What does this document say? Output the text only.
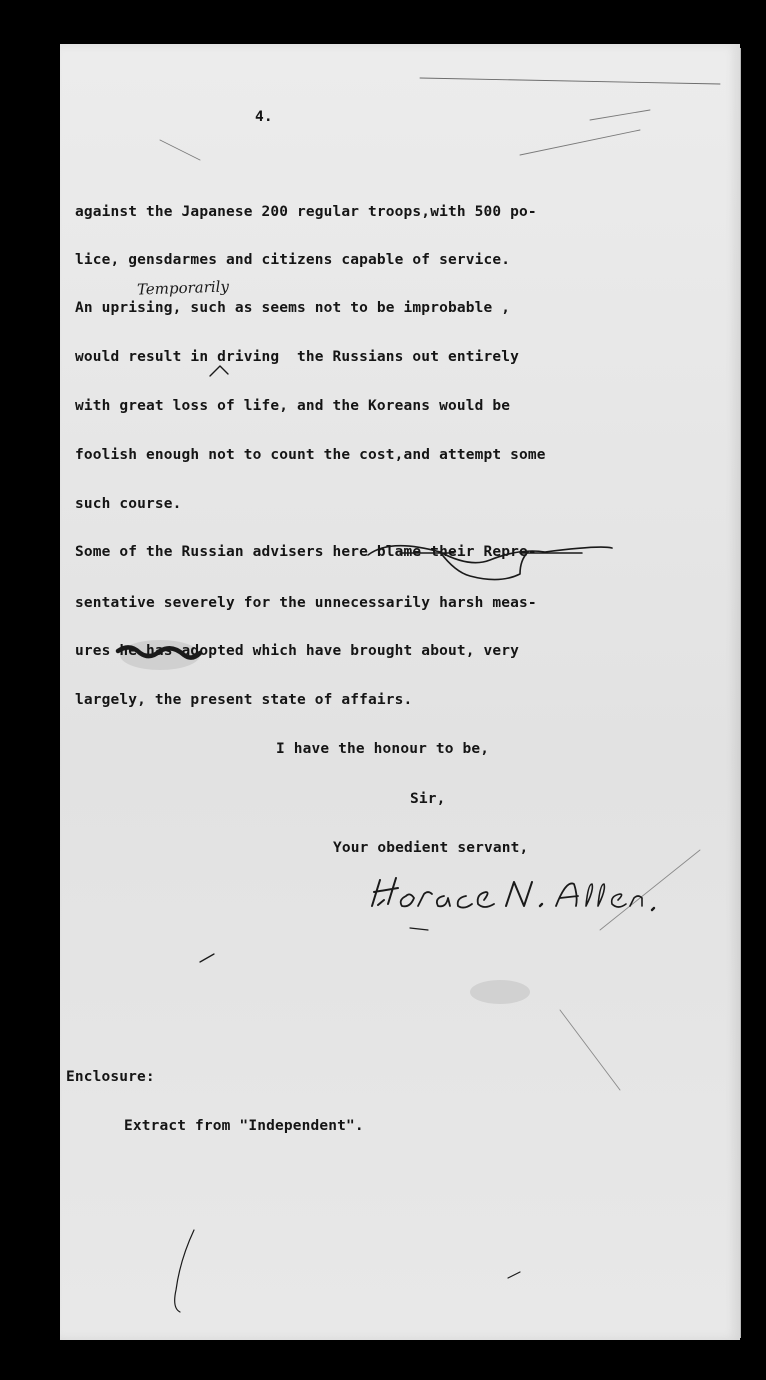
4.
Temporarily
against the Japanese 200 regular troops,with 500 po-
lice, gensdarmes and citizens capable of service.
An uprising, such as seems not to be improbable ,
would result in driving  the Russians out entirely
with great loss of life, and the Koreans would be
foolish enough not to count the cost,and attempt some
such course.
Some of the Russian advisers here blame their Repre-
sentative severely for the unnecessarily harsh meas-
ures he has adopted which have brought about, very
largely, the present state of affairs.
I have the honour to be,
Sir,
Your obedient servant,
Enclosure:
Extract from "Independent".
